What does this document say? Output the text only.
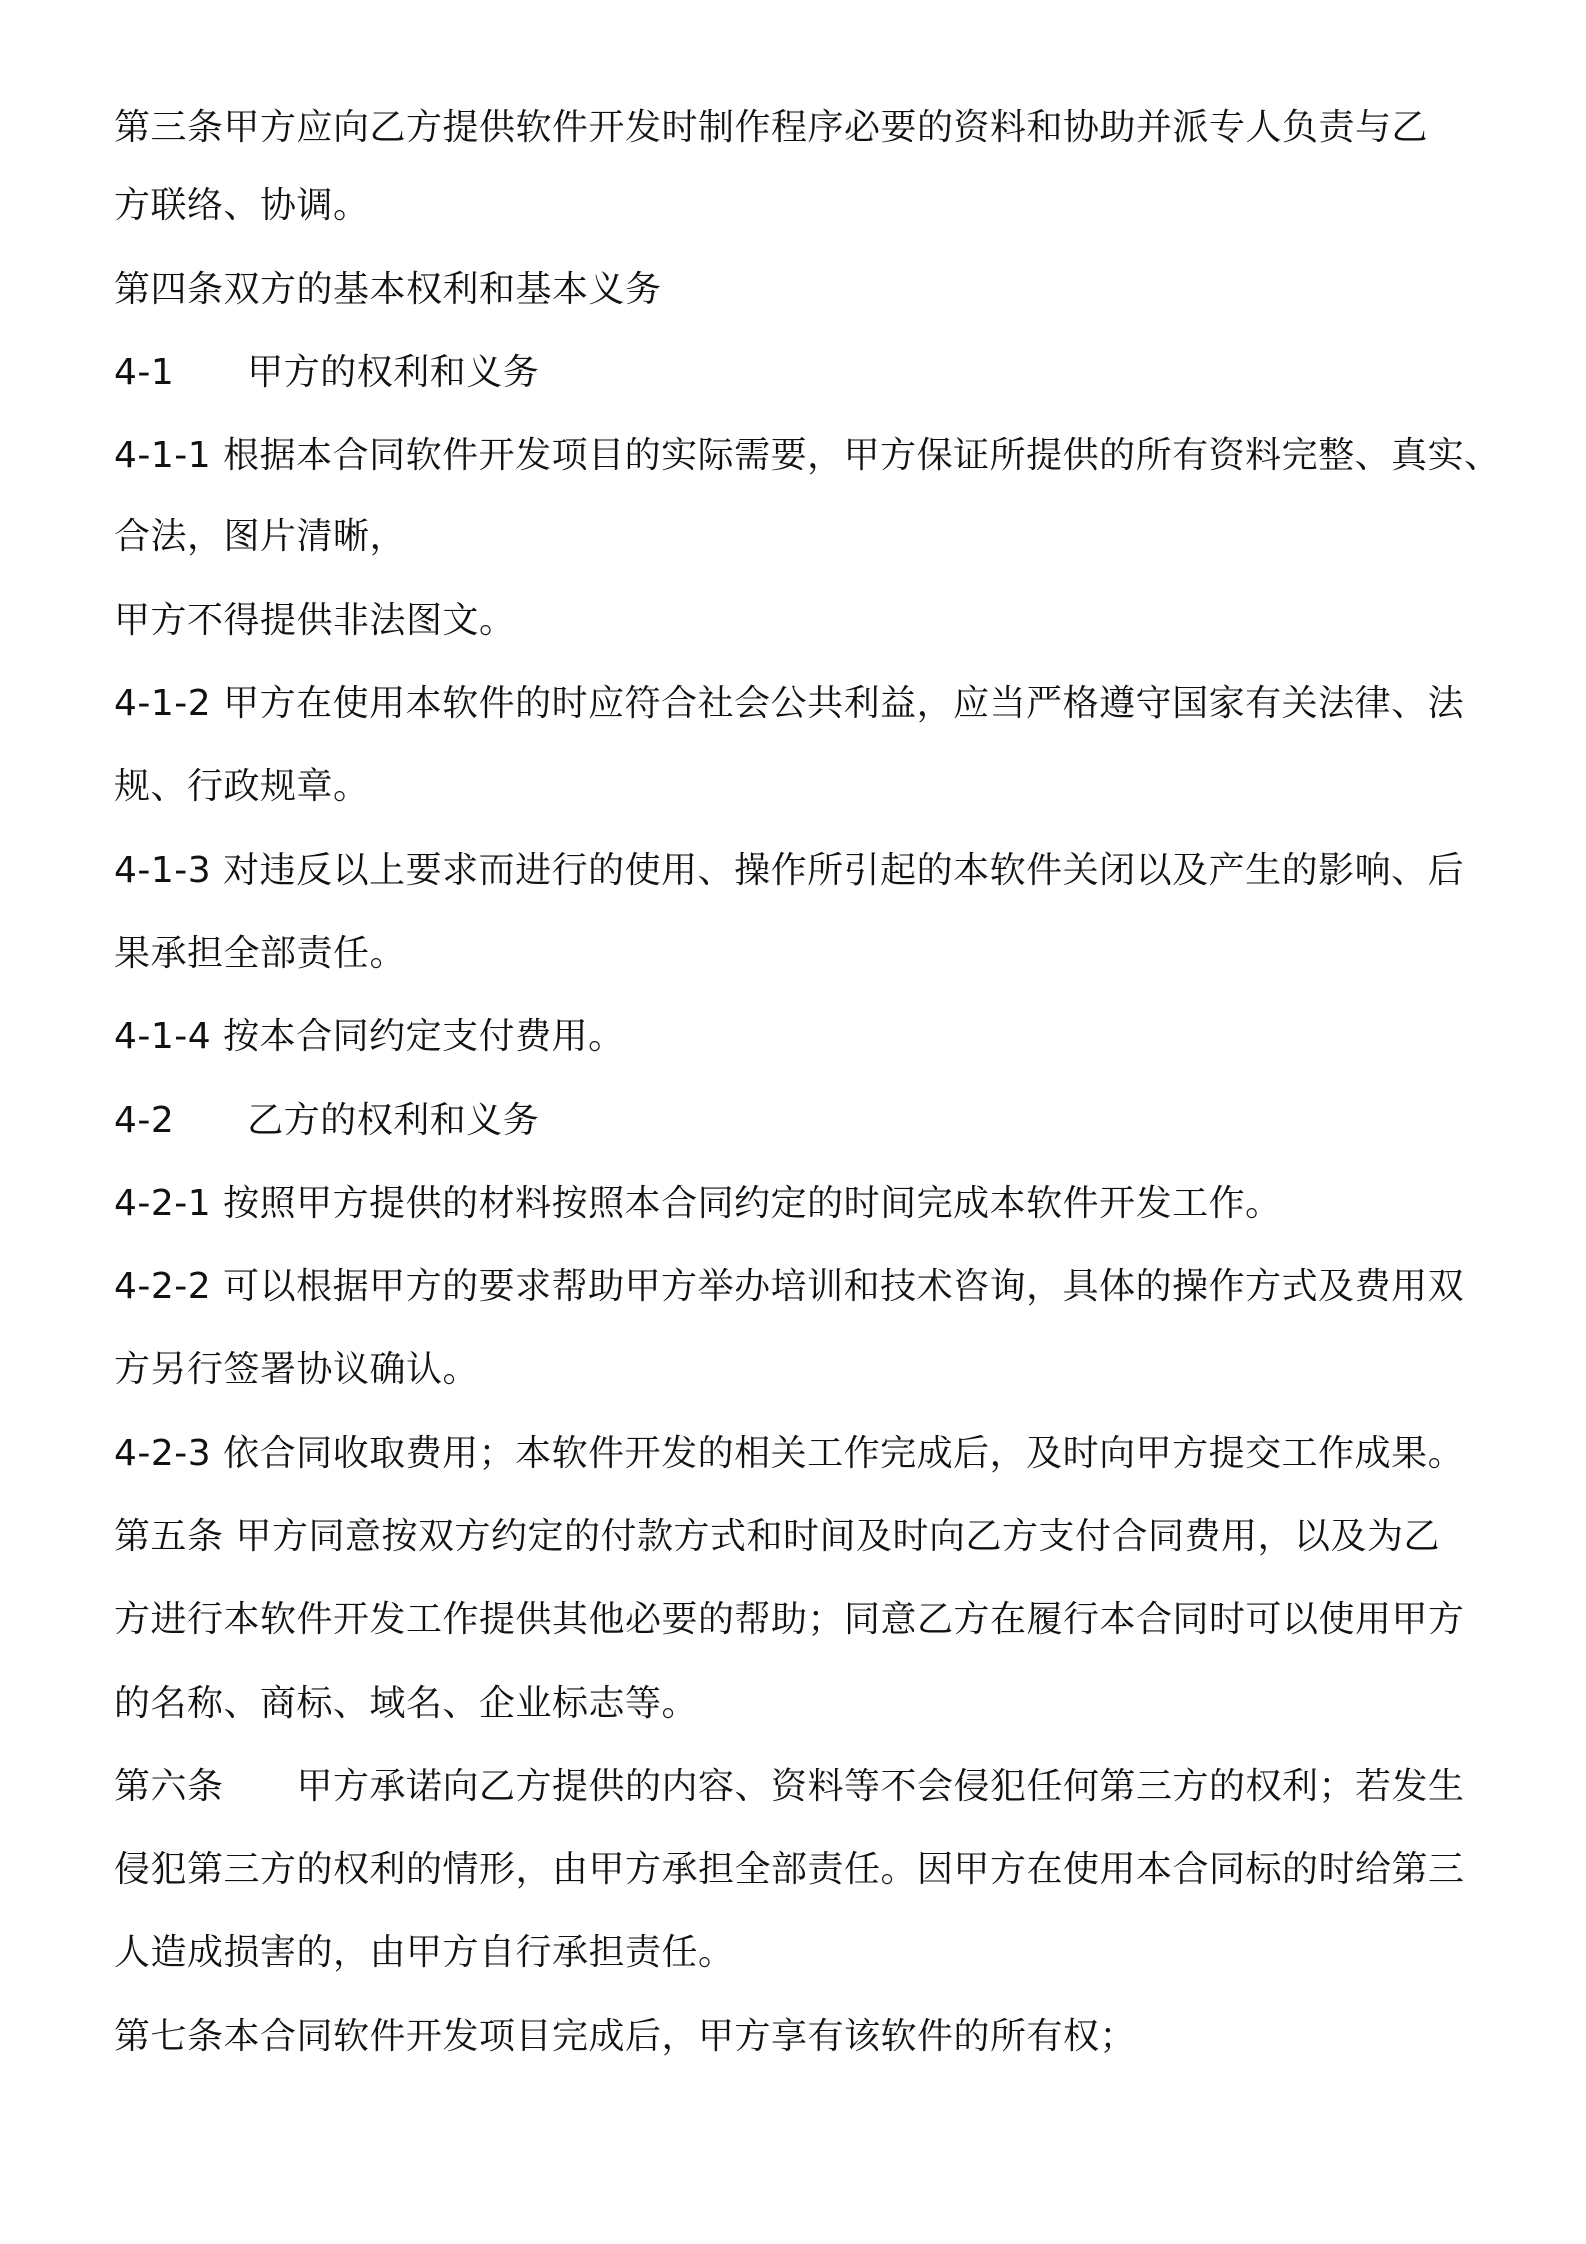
第三条甲方应向乙方提供软件开发时制作程序必要的资料和协助并派专人负责与乙
方联络、协调。
第四条双方的基本权利和基本义务
4-1　　甲方的权利和义务
4-1-1 根据本合同软件开发项目的实际需要，甲方保证所提供的所有资料完整、真实、
合法，图片清晰，
甲方不得提供非法图文。
4-1-2 甲方在使用本软件的时应符合社会公共利益，应当严格遵守国家有关法律、法
规、行政规章。
4-1-3 对违反以上要求而进行的使用、操作所引起的本软件关闭以及产生的影响、后
果承担全部责任。
4-1-4 按本合同约定支付费用。
4-2　　乙方的权利和义务
4-2-1 按照甲方提供的材料按照本合同约定的时间完成本软件开发工作。
4-2-2 可以根据甲方的要求帮助甲方举办培训和技术咨询，具体的操作方式及费用双
方另行签署协议确认。
4-2-3 依合同收取费用；本软件开发的相关工作完成后，及时向甲方提交工作成果。
第五条 甲方同意按双方约定的付款方式和时间及时向乙方支付合同费用，以及为乙
方进行本软件开发工作提供其他必要的帮助；同意乙方在履行本合同时可以使用甲方
的名称、商标、域名、企业标志等。
第六条　　甲方承诺向乙方提供的内容、资料等不会侵犯任何第三方的权利；若发生
侵犯第三方的权利的情形，由甲方承担全部责任。因甲方在使用本合同标的时给第三
人造成损害的，由甲方自行承担责任。
第七条本合同软件开发项目完成后，甲方享有该软件的所有权；
